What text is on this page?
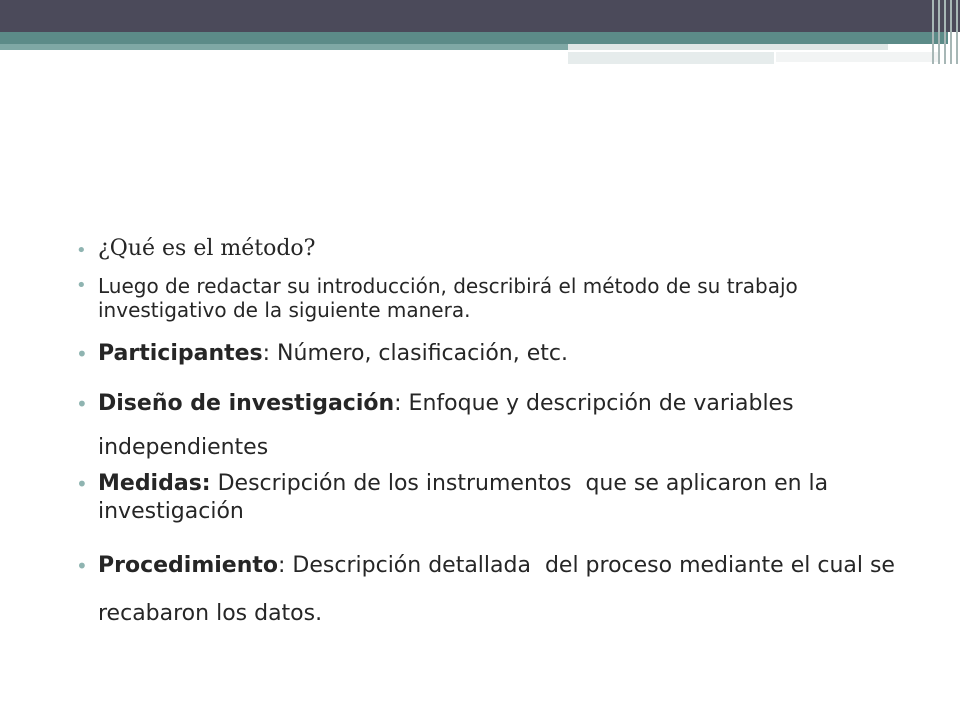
• ¿Qué es el método?
• Luego de redactar su introducción, describirá el método de su trabajo investigativo de la siguiente manera.
• Participantes: Número, clasificación, etc.
• Diseño de investigación: Enfoque y descripción de variables independientes
• Medidas: Descripción de los instrumentos  que se aplicaron en la investigación
• Procedimiento: Descripción detallada  del proceso mediante el cual se   recabaron los datos.
